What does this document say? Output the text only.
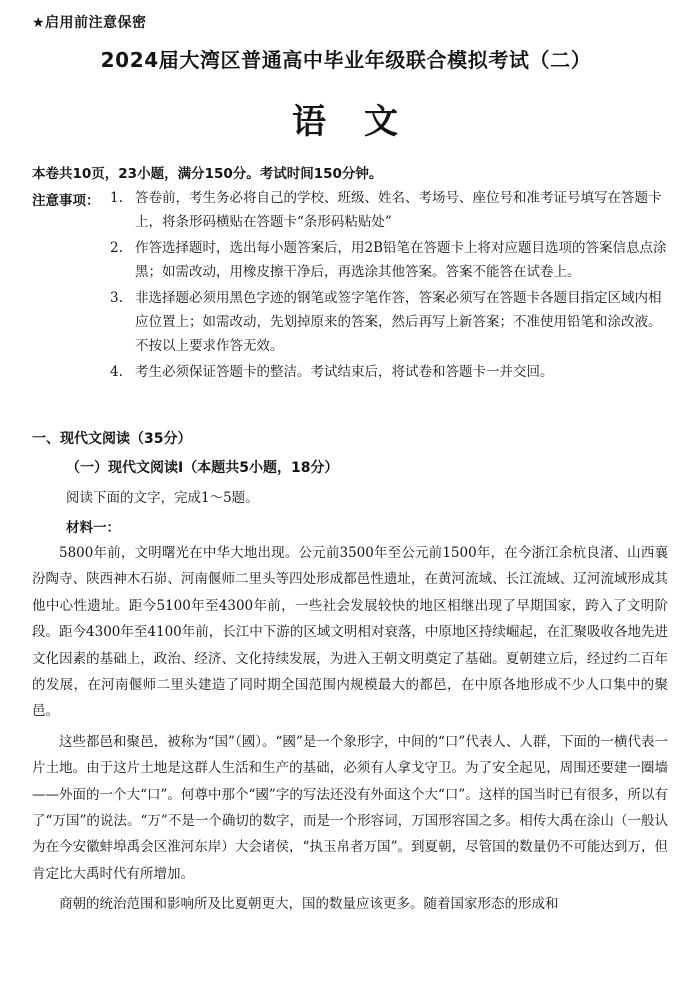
★启用前注意保密
2024届大湾区普通高中毕业年级联合模拟考试（二）
语　文
本卷共10页，23小题，满分150分。考试时间150分钟。
注意事项： 1. 答卷前，考生务必将自己的学校、班级、姓名、考场号、座位号和准考证号填写在答题卡上，将条形码横贴在答题卡“条形码粘贴处”
2. 作答选择题时，选出每小题答案后，用2B铅笔在答题卡上将对应题目选项的答案信息点涂黑；如需改动，用橡皮擦干净后，再选涂其他答案。答案不能答在试卷上。
3. 非选择题必须用黑色字迹的钢笔或签字笔作答，答案必须写在答题卡各题目指定区域内相应位置上；如需改动，先划掉原来的答案，然后再写上新答案；不准使用铅笔和涂改液。不按以上要求作答无效。
4. 考生必须保证答题卡的整洁。考试结束后，将试卷和答题卡一并交回。
一、现代文阅读（35分）
（一）现代文阅读Ⅰ（本题共5小题，18分）
阅读下面的文字，完成1～5题。
材料一：

5800年前，文明曙光在中华大地出现。公元前3500年至公元前1500年，在今浙江余杭良渚、山西襄汾陶寺、陕西神木石峁、河南偃师二里头等四处形成都邑性遗址，在黄河流域、长江流域、辽河流域形成其他中心性遗址。距今5100年至4300年前，一些社会发展较快的地区相继出现了早期国家，跨入了文明阶段。距今4300年至4100年前，长江中下游的区域文明相对衰落，中原地区持续崛起，在汇聚吸收各地先进文化因素的基础上，政治、经济、文化持续发展，为进入王朝文明奠定了基础。夏朝建立后，经过约二百年的发展，在河南偃师二里头建造了同时期全国范围内规模最大的都邑，在中原各地形成不少人口集中的聚邑。

这些都邑和聚邑，被称为“国”（國）。“國”是一个象形字，中间的“口”代表人、人群，下面的一横代表一片土地。由于这片土地是这群人生活和生产的基础，必须有人拿戈守卫。为了安全起见，周围还要建一圈墙——外面的一个大“口”。何尊中那个“國”字的写法还没有外面这个大“口”。这样的国当时已有很多，所以有了“万国”的说法。“万”不是一个确切的数字，而是一个形容词，万国形容国之多。相传大禹在涂山（一般认为在今安徽蚌埠禹会区淮河东岸）大会诸侯，“执玉帛者万国”。到夏朝，尽管国的数量仍不可能达到万，但肯定比大禹时代有所增加。

商朝的统治范围和影响所及比夏朝更大，国的数量应该更多。随着国家形态的形成和
